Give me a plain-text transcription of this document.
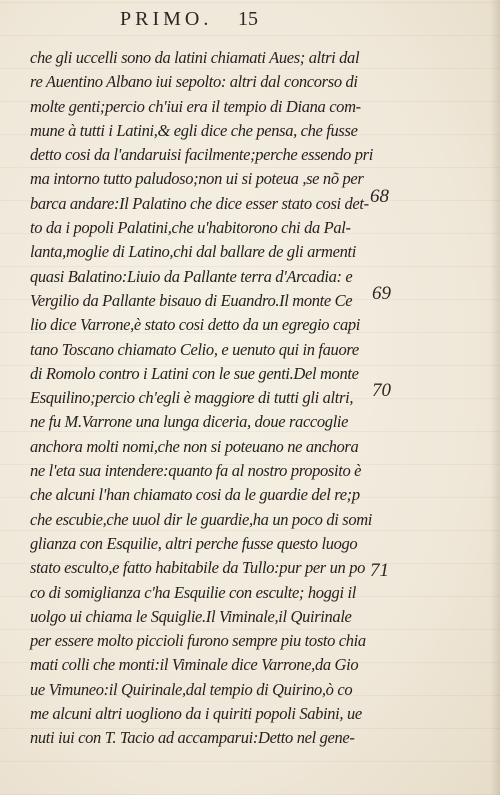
PRIMO. 15
che gli uccelli sono da latini chiamati Aues; altri dal
re Auentino Albano iui sepolto: altri dal concorso di
molte genti;percio ch'iui era il tempio di Diana com-
mune à tutti i Latini,& egli dice che pensa, che fusse
detto cosi da l'andaruisi facilmente;perche essendo pri
ma intorno tutto paludoso;non ui si poteua ,se nõ per
barca andare:Il Palatino che dice esser stato cosi det-
to da i popoli Palatini,che u'habitorono chi da Pal-
lanta,moglie di Latino,chi dal ballare de gli armenti
quasi Balatino:Liuio da Pallante terra d'Arcadia: e
Vergilio da Pallante bisauo di Euandro.Il monte Ce
lio dice Varrone,è stato cosi detto da un egregio capi
tano Toscano chiamato Celio, e uenuto qui in fauore
di Romolo contro i Latini con le sue genti.Del monte
Esquilino;percio ch'egli è maggiore di tutti gli altri,
ne fu M.Varrone una lunga diceria, doue raccoglie
anchora molti nomi,che non si poteuano ne anchora
ne l'eta sua intendere:quanto fa al nostro proposito è
che alcuni l'han chiamato cosi da le guardie del re;p
che escubie,che uuol dir le guardie,ha un poco di somi
glianza con Esquilie, altri perche fusse questo luogo
stato esculto,e fatto habitabile da Tullo:pur per un po
co di somiglianza c'ha Esquilie con esculte; hoggi il
uolgo ui chiama le Squiglie.Il Viminale,il Quirinale
per essere molto piccioli furono sempre piu tosto chia
mati colli che monti:il Viminale dice Varrone,da Gio
ue Vimuneo:il Quirinale,dal tempio di Quirino,ò co
me alcuni altri uogliono da i quiriti popoli Sabini, ue
nuti iui con T. Tacio ad accamparui:Detto nel gene-
68
69
70
71
